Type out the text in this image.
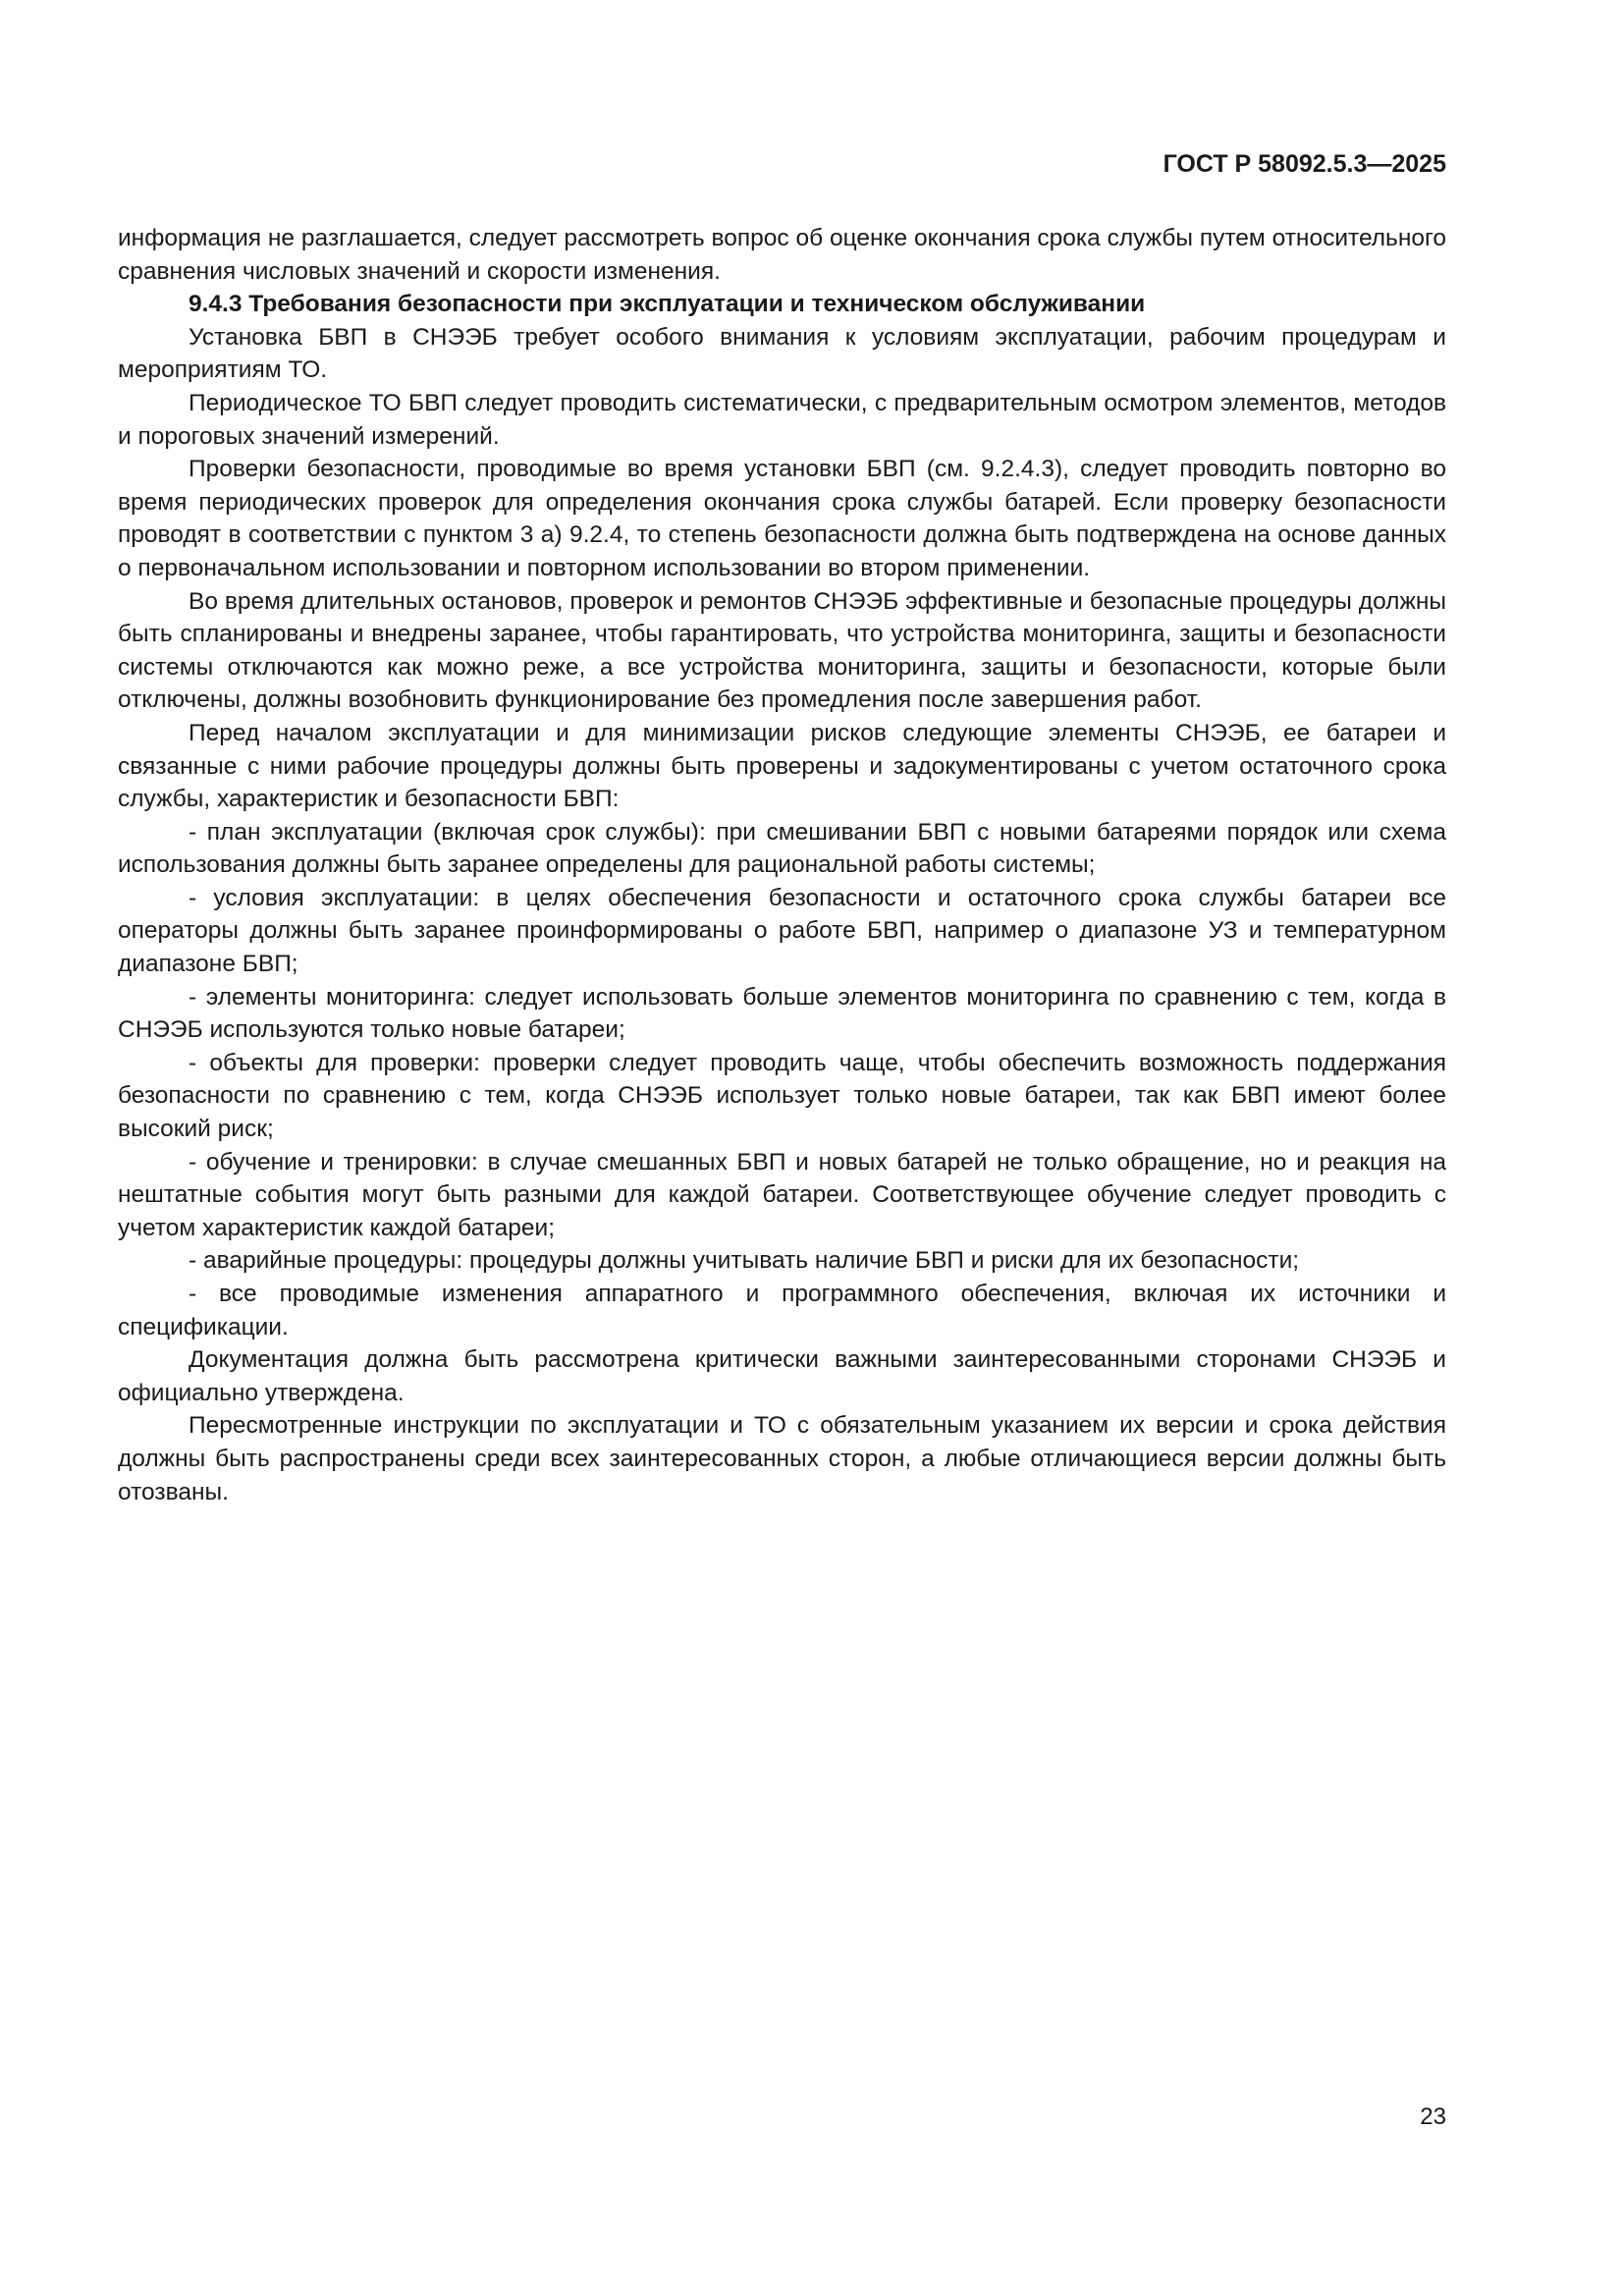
ГОСТ Р 58092.5.3—2025

информация не разглашается, следует рассмотреть вопрос об оценке окончания срока службы путем относительного сравнения числовых значений и скорости изменения.

9.4.3 Требования безопасности при эксплуатации и техническом обслуживании

Установка БВП в СНЭЭБ требует особого внимания к условиям эксплуатации, рабочим процедурам и мероприятиям ТО.

Периодическое ТО БВП следует проводить систематически, с предварительным осмотром элементов, методов и пороговых значений измерений.

Проверки безопасности, проводимые во время установки БВП (см. 9.2.4.3), следует проводить повторно во время периодических проверок для определения окончания срока службы батарей. Если проверку безопасности проводят в соответствии с пунктом 3 а) 9.2.4, то степень безопасности должна быть подтверждена на основе данных о первоначальном использовании и повторном использовании во втором применении.

Во время длительных остановов, проверок и ремонтов СНЭЭБ эффективные и безопасные процедуры должны быть спланированы и внедрены заранее, чтобы гарантировать, что устройства мониторинга, защиты и безопасности системы отключаются как можно реже, а все устройства мониторинга, защиты и безопасности, которые были отключены, должны возобновить функционирование без промедления после завершения работ.

Перед началом эксплуатации и для минимизации рисков следующие элементы СНЭЭБ, ее батареи и связанные с ними рабочие процедуры должны быть проверены и задокументированы с учетом остаточного срока службы, характеристик и безопасности БВП:

- план эксплуатации (включая срок службы): при смешивании БВП с новыми батареями порядок или схема использования должны быть заранее определены для рациональной работы системы;

- условия эксплуатации: в целях обеспечения безопасности и остаточного срока службы батареи все операторы должны быть заранее проинформированы о работе БВП, например о диапазоне УЗ и температурном диапазоне БВП;

- элементы мониторинга: следует использовать больше элементов мониторинга по сравнению с тем, когда в СНЭЭБ используются только новые батареи;

- объекты для проверки: проверки следует проводить чаще, чтобы обеспечить возможность поддержания безопасности по сравнению с тем, когда СНЭЭБ использует только новые батареи, так как БВП имеют более высокий риск;

- обучение и тренировки: в случае смешанных БВП и новых батарей не только обращение, но и реакция на нештатные события могут быть разными для каждой батареи. Соответствующее обучение следует проводить с учетом характеристик каждой батареи;

- аварийные процедуры: процедуры должны учитывать наличие БВП и риски для их безопасности;

- все проводимые изменения аппаратного и программного обеспечения, включая их источники и спецификации.

Документация должна быть рассмотрена критически важными заинтересованными сторонами СНЭЭБ и официально утверждена.

Пересмотренные инструкции по эксплуатации и ТО с обязательным указанием их версии и срока действия должны быть распространены среди всех заинтересованных сторон, а любые отличающиеся версии должны быть отозваны.

23
